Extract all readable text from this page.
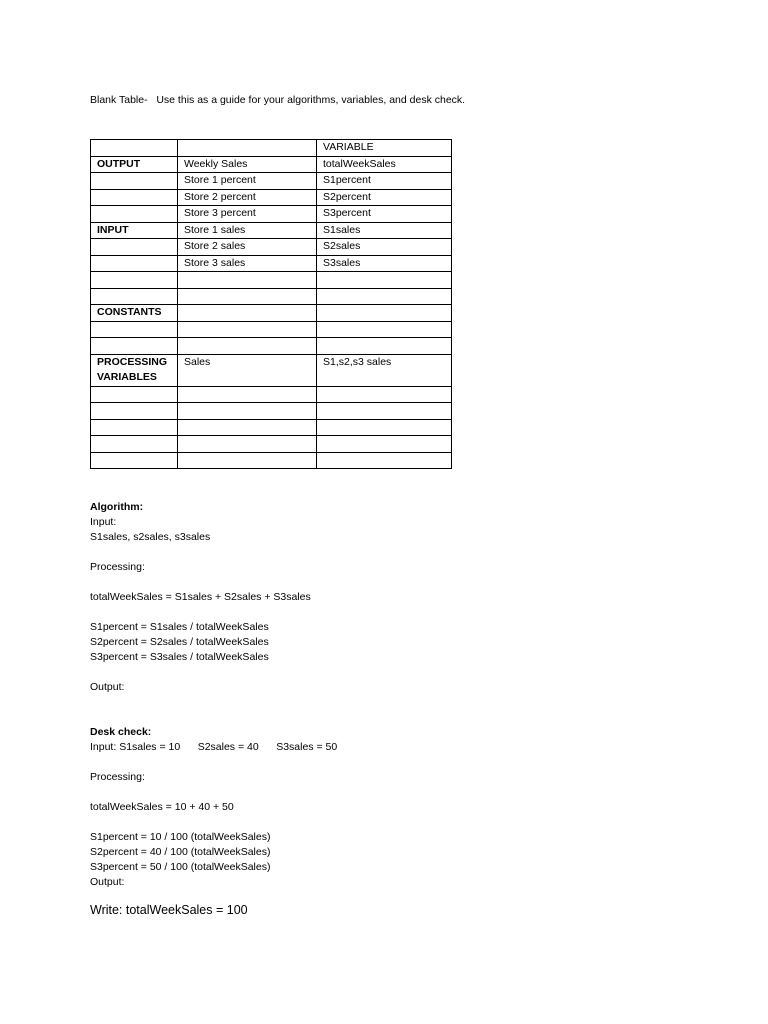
Blank Table-   Use this as a guide for your algorithms, variables, and desk check.
		VARIABLE
OUTPUT	Weekly Sales	totalWeekSales
	Store 1 percent	S1percent
	Store 2 percent	S2percent
	Store 3 percent	S3percent
INPUT	Store 1 sales	S1sales
	Store 2 sales	S2sales
	Store 3 sales	S3sales

CONSTANTS		

PROCESSING VARIABLES	Sales	S1,s2,s3 sales

Algorithm:
Input:
S1sales, s2sales, s3sales
Processing:
totalWeekSales = S1sales + S2sales + S3sales
S1percent = S1sales / totalWeekSales
S2percent = S2sales / totalWeekSales
S3percent = S3sales / totalWeekSales
Output:
Desk check:
Input: S1sales = 10      S2sales = 40      S3sales = 50
Processing:
totalWeekSales = 10 + 40 + 50
S1percent = 10 / 100 (totalWeekSales)
S2percent = 40 / 100 (totalWeekSales)
S3percent = 50 / 100 (totalWeekSales)
Output:
Write: totalWeekSales = 100
